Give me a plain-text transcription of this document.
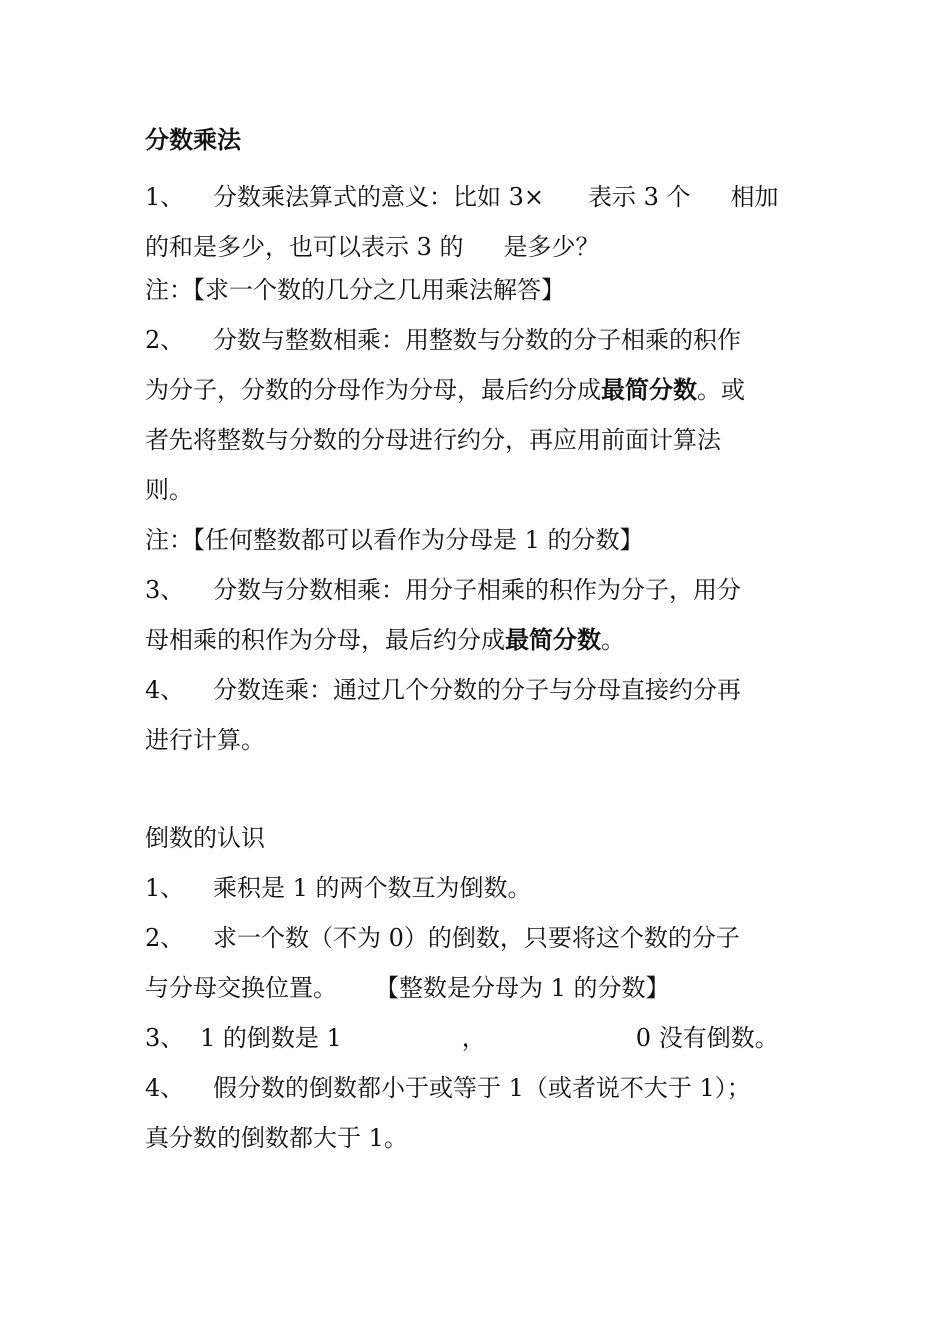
分数乘法
1、 分数乘法算式的意义：比如 3× 表示 3 个 相加
的和是多少，也可以表示 3 的 是多少？
注：【求一个数的几分之几用乘法解答】
2、 分数与整数相乘：用整数与分数的分子相乘的积作
为分子，分数的分母作为分母，最后约分成最简分数。或
者先将整数与分数的分母进行约分，再应用前面计算法
则。
注：【任何整数都可以看作为分母是 1 的分数】
3、 分数与分数相乘：用分子相乘的积作为分子，用分
母相乘的积作为分母，最后约分成最简分数。
4、 分数连乘：通过几个分数的分子与分母直接约分再
进行计算。
倒数的认识
1、 乘积是 1 的两个数互为倒数。
2、 求一个数（不为 0）的倒数，只要将这个数的分子
与分母交换位置。 【整数是分母为 1 的分数】
3、 1 的倒数是 1	，	0 没有倒数。
4、 假分数的倒数都小于或等于 1（或者说不大于 1）；
真分数的倒数都大于 1。
